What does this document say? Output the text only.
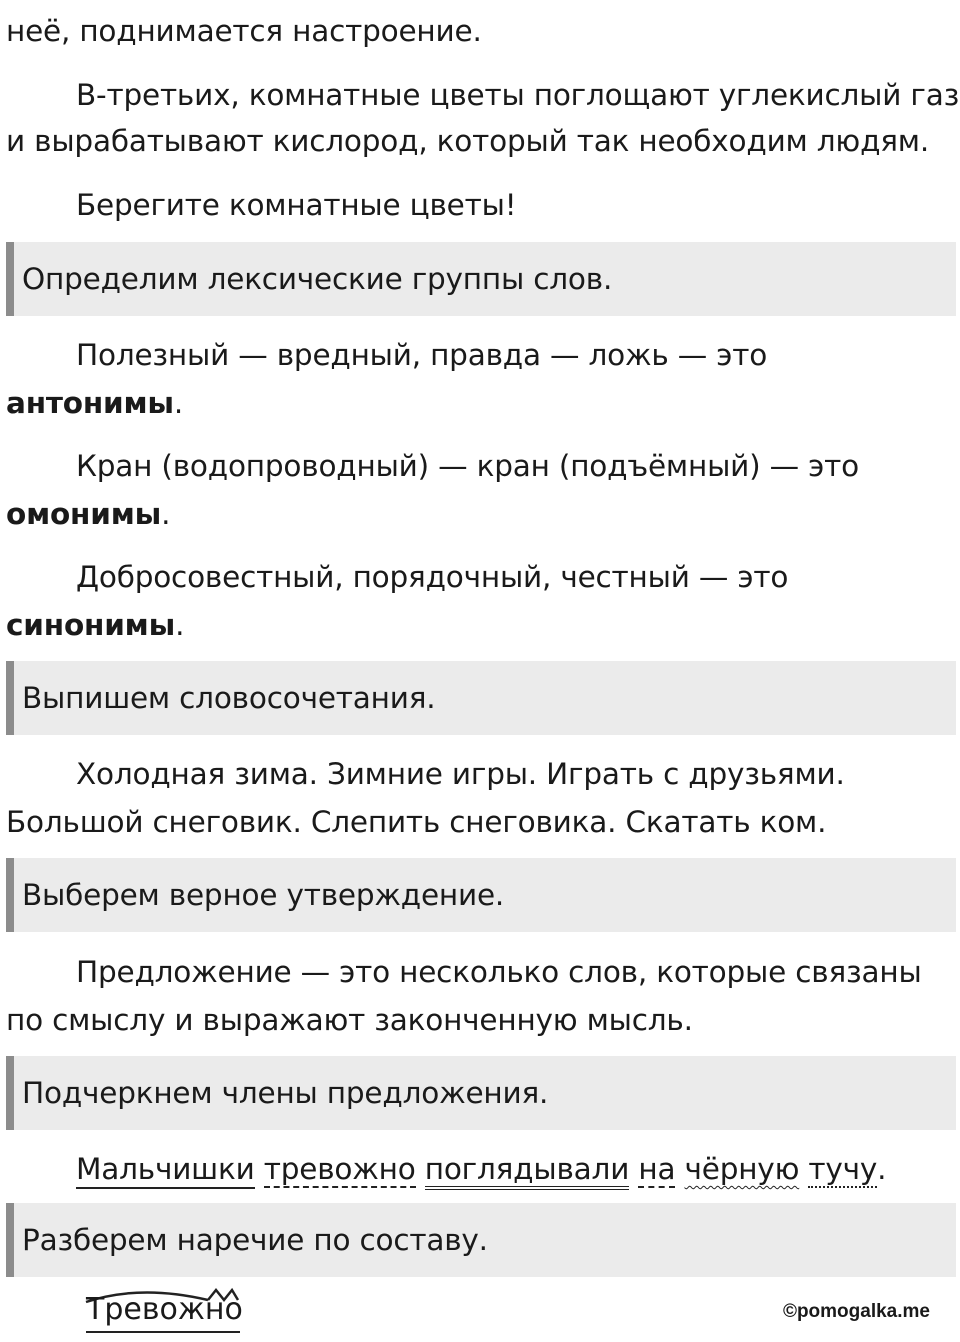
неё, поднимается настроение.
В-третьих, комнатные цветы поглощают углекислый газ
и вырабатывают кислород, который так необходим людям.
Берегите комнатные цветы!
Определим лексические группы слов.
Полезный — вредный, правда — ложь — это
антонимы.
Кран (водопроводный) — кран (подъёмный) — это
омонимы.
Добросовестный, порядочный, честный — это
синонимы.
Выпишем словосочетания.
Холодная зима. Зимние игры. Играть с друзьями.
Большой снеговик. Слепить снеговика. Скатать ком.
Выберем верное утверждение.
Предложение — это несколько слов, которые связаны
по смыслу и выражают законченную мысль.
Подчеркнем члены предложения.
Мальчишки тревожно поглядывали на чёрную тучу.
Разберем наречие по составу.
Тревожно	©pomogalka.me
